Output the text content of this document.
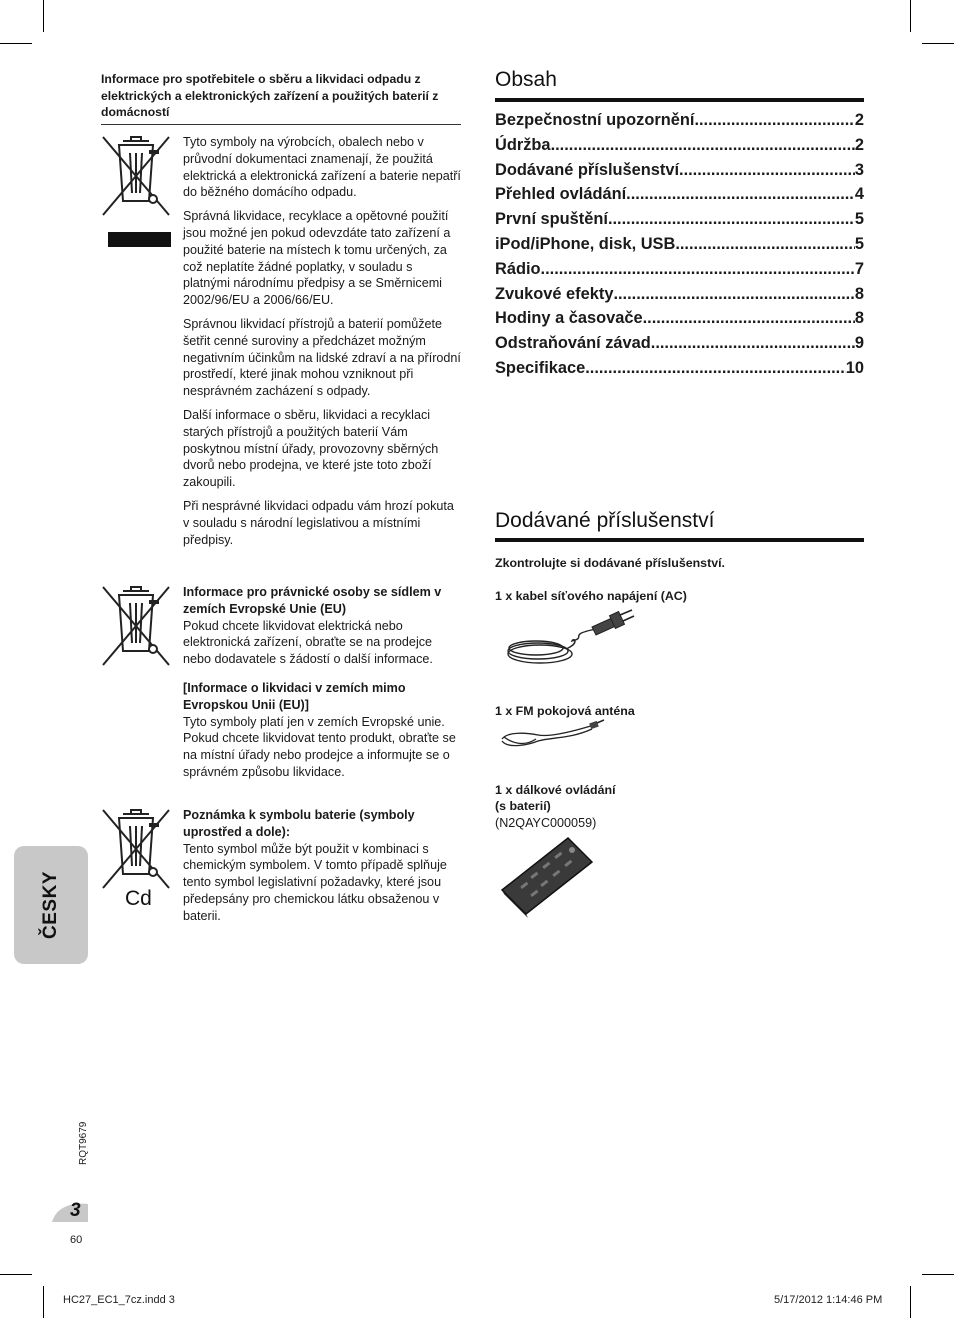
Informace pro spotřebitele o sběru a likvidaci odpadu z elektrických a elektronických zařízení a použitých baterií z domácností

Tyto symboly na výrobcích, obalech nebo v průvodní dokumentaci znamenají, že použitá elektrická a elektronická zařízení a baterie nepatří do běžného domácího odpadu.

Správná likvidace, recyklace a opětovné použití jsou možné jen pokud odevzdáte tato zařízení a použité baterie na místech k tomu určených, za což neplatíte žádné poplatky, v souladu s platnými národnímu předpisy a se Směrnicemi 2002/96/EU a 2006/66/EU.

Správnou likvidací přístrojů a baterií pomůžete šetřit cenné suroviny a předcházet možným negativním účinkům na lidské zdraví a na přírodní prostředí, které jinak mohou vzniknout při nesprávném zacházení s odpady.

Další informace o sběru, likvidaci a recyklaci starých přístrojů a použitých baterií Vám poskytnou místní úřady, provozovny sběrných dvorů nebo prodejna, ve které jste toto zboží zakoupili.

Při nesprávné likvidaci odpadu vám hrozí pokuta v souladu s národní legislativou a místními předpisy.

Informace pro právnické osoby se sídlem v zemích Evropské Unie (EU)

Pokud chcete likvidovat elektrická nebo elektronická zařízení, obraťte se na prodejce nebo dodavatele s žádostí o další informace.

[Informace o likvidaci v zemích mimo Evropskou Unii (EU)]

Tyto symboly platí jen v zemích Evropské unie. Pokud chcete likvidovat tento produkt, obraťte se na místní úřady nebo prodejce a informujte se o správném způsobu likvidace.

Cd

Poznámka k symbolu baterie (symboly uprostřed a dole):

Tento symbol může být použit v kombinaci s chemickým symbolem. V tomto případě splňuje tento symbol legislativní požadavky, které jsou předepsány pro chemickou látku obsaženou v baterii.

Obsah
Bezpečnostní upozornění .....	2
Údržba .....	2
Dodávané příslušenství .....	3
Přehled ovládání .....	4
První spuštění .....	5
iPod/iPhone, disk, USB .....	5
Rádio .....	7
Zvukové efekty .....	8
Hodiny a časovače .....	8
Odstraňování závad .....	9
Specifikace .....	10
Dodávané příslušenství
Zkontrolujte si dodávané příslušenství.
1 x kabel síťového napájení (AC)
1 x FM pokojová anténa
1 x dálkové ovládání
(s baterií)
(N2QAYC000059)
ČESKY
RQT9679
3
60
HC27_EC1_7cz.indd 3	5/17/2012 1:14:46 PM
